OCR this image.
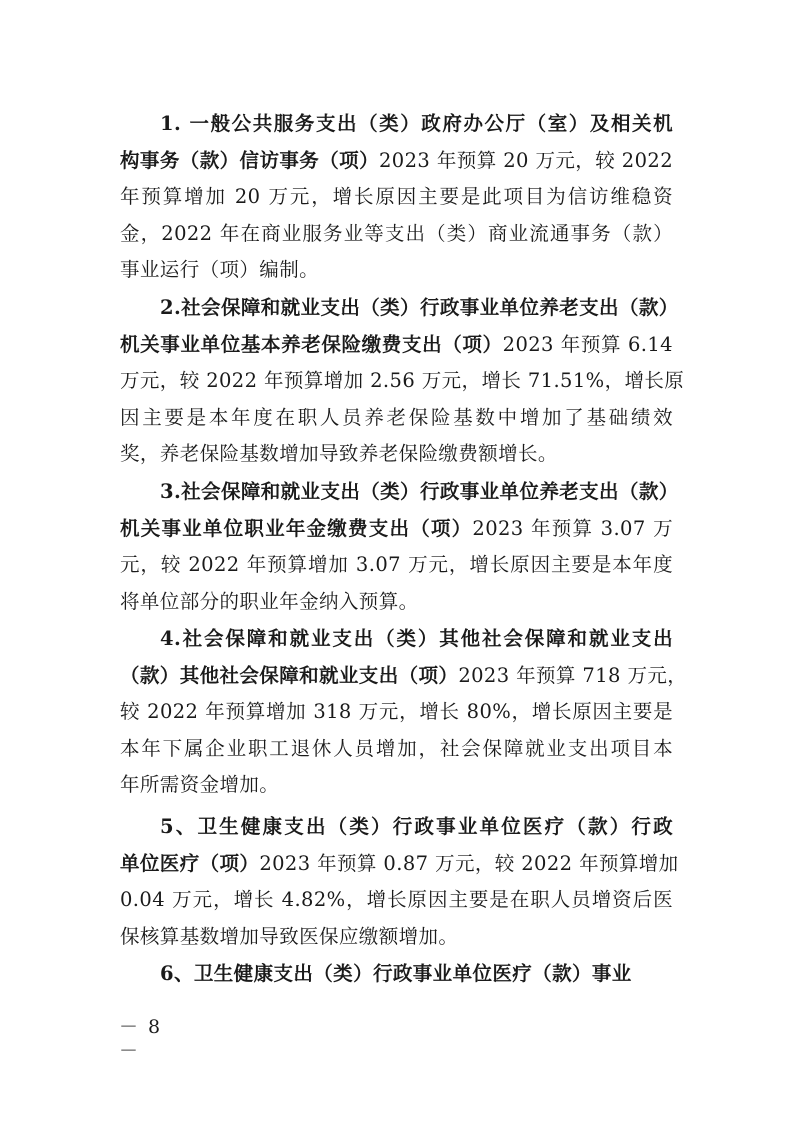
1. 一般公共服务支出（类）政府办公厅（室）及相关机
构事务（款）信访事务（项）2023 年预算 20 万元，较 2022
年预算增加 20 万元，增长原因主要是此项目为信访维稳资
金，2022 年在商业服务业等支出（类）商业流通事务（款）
事业运行（项）编制。
2.社会保障和就业支出（类）行政事业单位养老支出（款）
机关事业单位基本养老保险缴费支出（项）2023 年预算 6.14
万元，较 2022 年预算增加 2.56 万元，增长 71.51%，增长原
因主要是本年度在职人员养老保险基数中增加了基础绩效
奖，养老保险基数增加导致养老保险缴费额增长。
3.社会保障和就业支出（类）行政事业单位养老支出（款）
机关事业单位职业年金缴费支出（项）2023 年预算 3.07 万
元，较 2022 年预算增加 3.07 万元，增长原因主要是本年度
将单位部分的职业年金纳入预算。
4.社会保障和就业支出（类）其他社会保障和就业支出
（款）其他社会保障和就业支出（项）2023 年预算 718 万元，
较 2022 年预算增加 318 万元，增长 80%，增长原因主要是
本年下属企业职工退休人员增加，社会保障就业支出项目本
年所需资金增加。
5、卫生健康支出（类）行政事业单位医疗（款）行政
单位医疗（项）2023 年预算 0.87 万元，较 2022 年预算增加
0.04 万元，增长 4.82%，增长原因主要是在职人员增资后医
保核算基数增加导致医保应缴额增加。
6、卫生健康支出（类）行政事业单位医疗（款）事业
－ 8 －
